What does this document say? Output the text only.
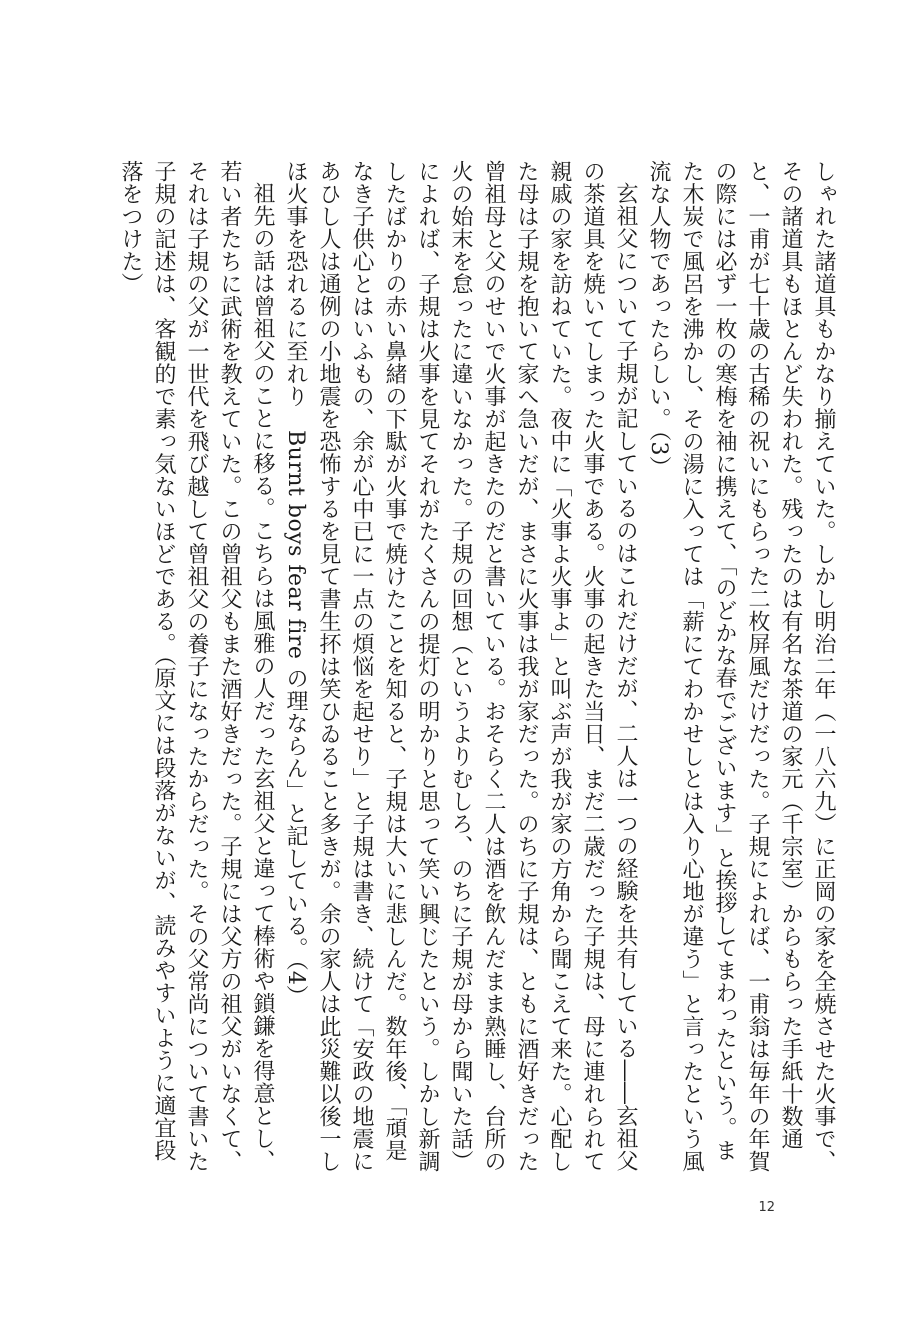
しゃれた諸道具もかなり揃えていた。しかし明治二年（一八六九）に正岡の家を全焼させた火事で、その諸道具もほとんど失われた。残ったのは有名な茶道の家元（千宗室）からもらった手紙十数通と、一甫が七十歳の古稀の祝いにもらった二枚屏風だけだった。子規によれば、一甫翁は毎年の年賀の際には必ず一枚の寒梅を袖に携えて、「のどかな春でございます」と挨拶してまわったという。また木炭で風呂を沸かし、その湯に入っては「薪にてわかせしとは入り心地が違う」と言ったという風流な人物であったらしい。（3）

玄祖父について子規が記しているのはこれだけだが、二人は一つの経験を共有している――玄祖父の茶道具を焼いてしまった火事である。火事の起きた当日、まだ二歳だった子規は、母に連れられて親戚の家を訪ねていた。夜中に「火事よ火事よ」と叫ぶ声が我が家の方角から聞こえて来た。心配した母は子規を抱いて家へ急いだが、まさに火事は我が家だった。のちに子規は、ともに酒好きだった曾祖母と父のせいで火事が起きたのだと書いている。おそらく二人は酒を飲んだまま熟睡し、台所の火の始末を怠ったに違いなかった。子規の回想（というよりむしろ、のちに子規が母から聞いた話）によれば、子規は火事を見てそれがたくさんの提灯の明かりと思って笑い興じたという。しかし新調したばかりの赤い鼻緒の下駄が火事で焼けたことを知ると、子規は大いに悲しんだ。数年後、「頑是なき子供心とはいふもの、余が心中已に一点の煩悩を起せり」と子規は書き、続けて「安政の地震にあひし人は通例の小地震を恐怖するを見て書生抔は笑ひゐること多きが。余の家人は此災難以後一しほ火事を恐れるに至れり　Burnt boys fear fire の理ならん」と記している。（4）

祖先の話は曾祖父のことに移る。こちらは風雅の人だった玄祖父と違って棒術や鎖鎌を得意とし、若い者たちに武術を教えていた。この曾祖父もまた酒好きだった。子規には父方の祖父がいなくて、それは子規の父が一世代を飛び越して曾祖父の養子になったからだった。その父常尚について書いた子規の記述は、客観的で素っ気ないほどである。（原文には段落がないが、読みやすいように適宜段落をつけた）

12
